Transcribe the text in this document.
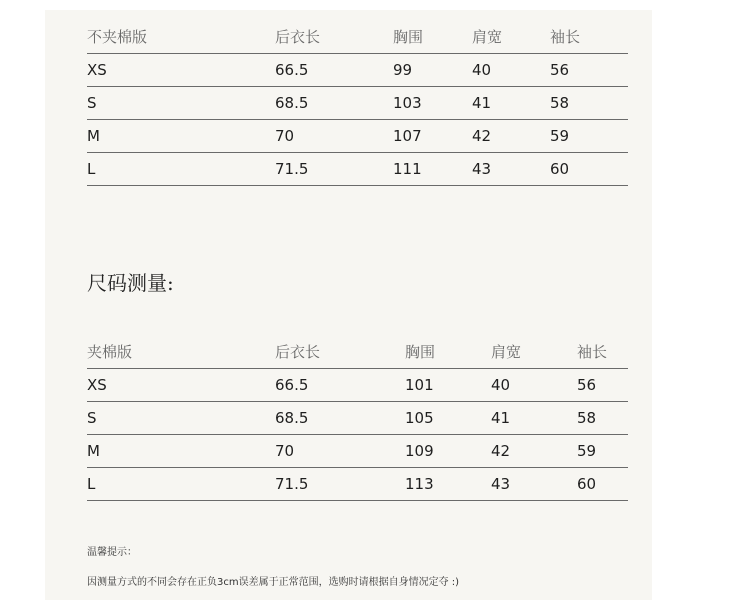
不夹棉版	后衣长	胸围	肩宽	袖长
XS	66.5	99	40	56
S	68.5	103	41	58
M	70	107	42	59
L	71.5	111	43	60
尺码测量:
夹棉版	后衣长	胸围	肩宽	袖长
XS	66.5	101	40	56
S	68.5	105	41	58
M	70	109	42	59
L	71.5	113	43	60
温馨提示：
因测量方式的不同会存在正负3cm误差属于正常范围，选购时请根据自身情况定夺 :)
